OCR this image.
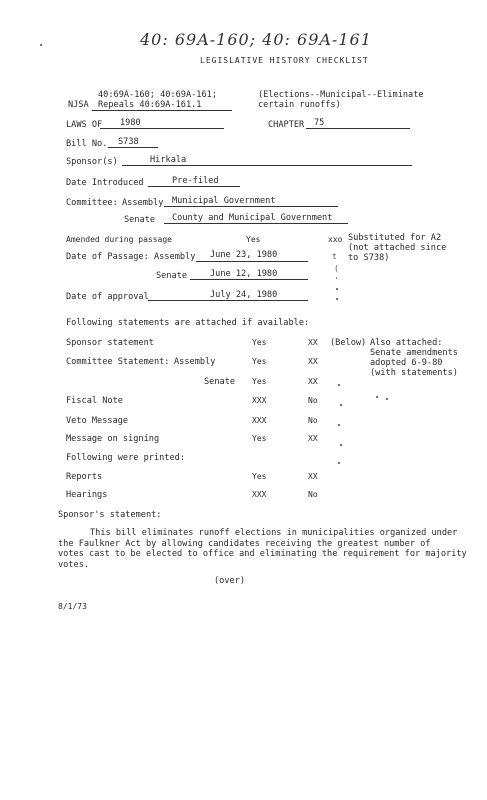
40: 69A-160; 40: 69A-161
LEGISLATIVE HISTORY CHECKLIST
40:69A-160; 40:69A-161;
NJSA Repeals 40:69A-161.1
(Elections--Municipal--Eliminate
certain runoffs)
LAWS OF 1980	CHAPTER 75
Bill No. S738
Sponsor(s)	Hirkala
Date Introduced	Pre-filed
Committee: Assembly Municipal Government
Senate County and Municipal Government
Amended during passage	Yes	xxo Substituted for A2
(not attached since
to S738)
Date of Passage: Assembly June 23, 1980
Senate	June 12, 1980
Date of approval	July 24, 1980
t
(
'
Following statements are attached if available:
Sponsor statement	Yes	XX (Below) Also attached:
Senate amendments
adopted 6-9-80
(with statements)
Committee Statement: Assembly	Yes	XX
Senate Yes	XX
Fiscal Note	XXX	No
Veto Message	XXX	No
Message on signing	Yes	XX
Following were printed:
Reports	Yes	XX
Hearings	XXX	No
Sponsor's statement:
This bill eliminates runoff elections in municipalities organized under
the Faulkner Act by allowing candidates receiving the greatest number of
votes cast to be elected to office and eliminating the requirement for majority
votes.
(over)
8/1/73
